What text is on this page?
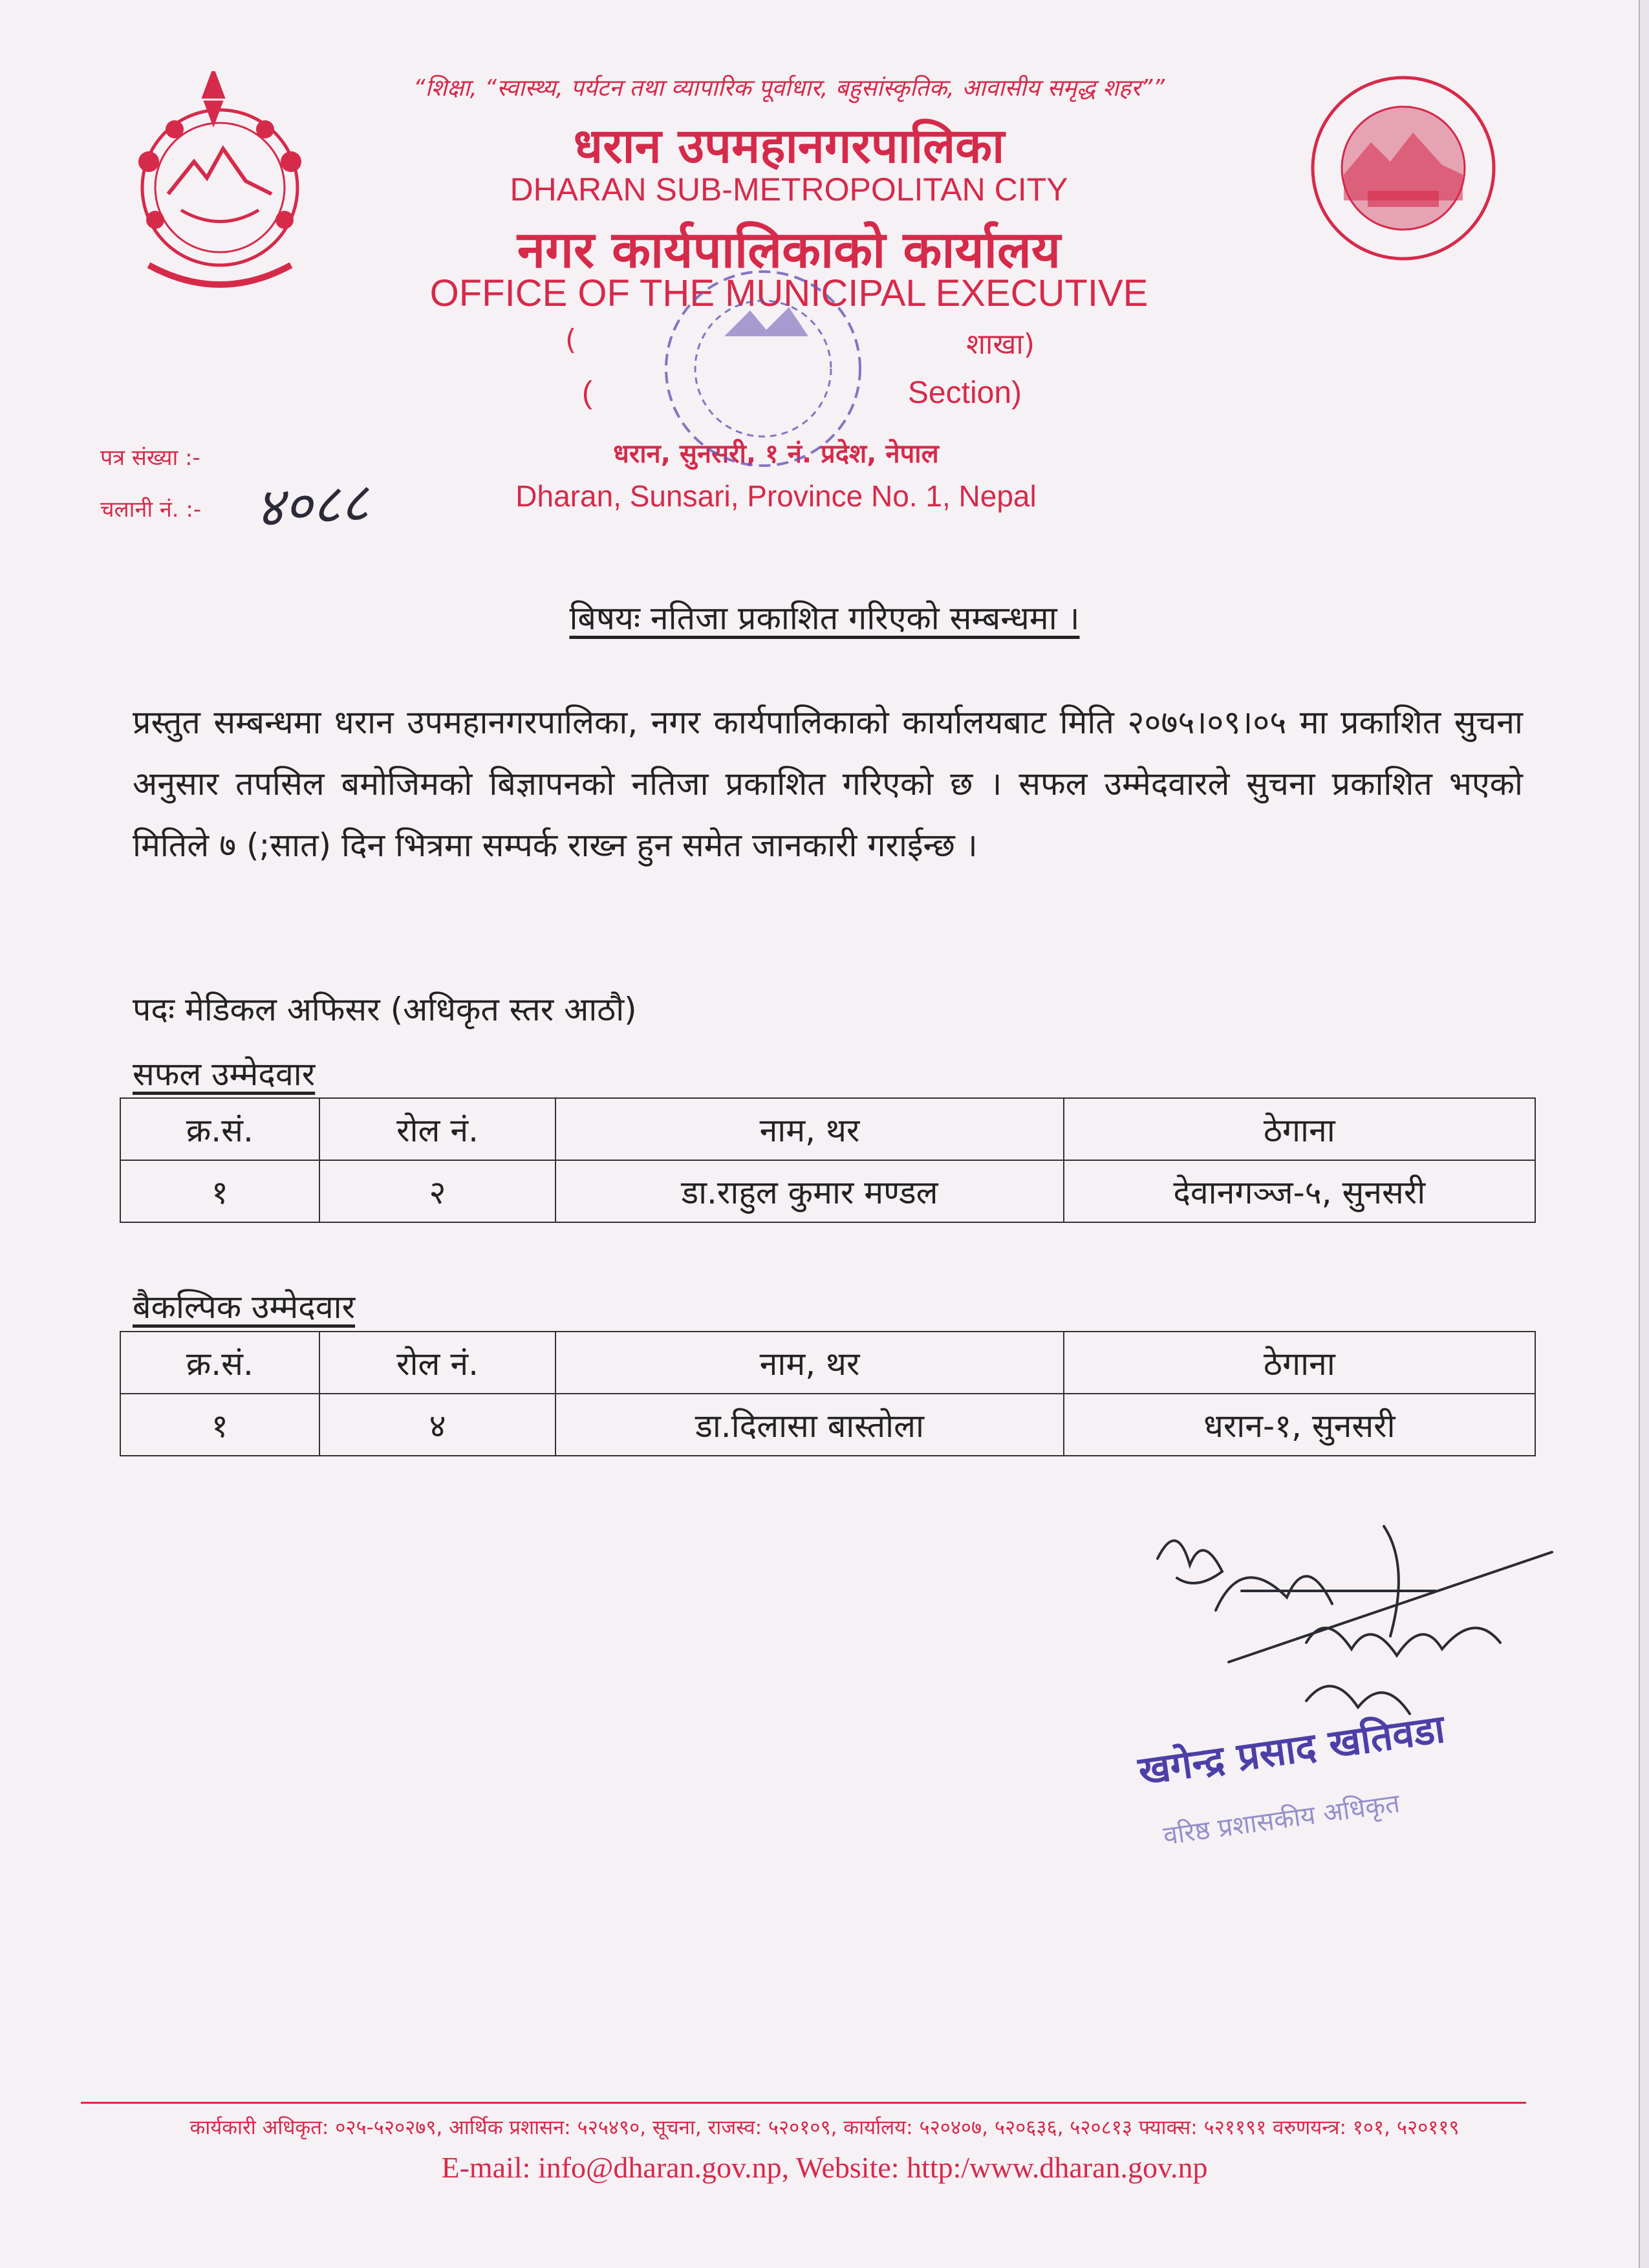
“शिक्षा, “स्वास्थ्य, पर्यटन तथा व्यापारिक पूर्वाधार, बहुसांस्कृतिक, आवासीय समृद्ध शहर””
धरान उपमहानगरपालिका
DHARAN SUB-METROPOLITAN CITY
नगर कार्यपालिकाको कार्यालय
OFFICE OF THE MUNICIPAL EXECUTIVE
(	शाखा)
(	Section)
धरान, सुनसरी, १ नं. प्रदेश, नेपाल
Dharan, Sunsari, Province No. 1, Nepal
पत्र संख्या :-
चलानी नं. :- ४०८८
बिषयः नतिजा प्रकाशित गरिएको सम्बन्धमा ।
प्रस्तुत सम्बन्धमा धरान उपमहानगरपालिका, नगर कार्यपालिकाको कार्यालयबाट मिति २०७५।०९।०५ मा प्रकाशित सुचना अनुसार तपसिल बमोजिमको बिज्ञापनको नतिजा प्रकाशित गरिएको छ । सफल उम्मेदवारले सुचना प्रकाशित भएको मितिले ७ (;सात) दिन भित्रमा सम्पर्क राख्न हुन समेत जानकारी गराईन्छ ।
पदः मेडिकल अफिसर (अधिकृत स्तर आठौ)
सफल उम्मेदवार
क्र.सं.	रोल नं.	नाम, थर	ठेगाना
१	२	डा.राहुल कुमार मण्डल	देवानगञ्ज-५, सुनसरी
बैकल्पिक उम्मेदवार
क्र.सं.	रोल नं.	नाम, थर	ठेगाना
१	४	डा.दिलासा बास्तोला	धरान-१, सुनसरी
खगेन्द्र प्रसाद खतिवडा
वरिष्ठ प्रशासकीय अधिकृत
कार्यकारी अधिकृत: ०२५-५२०२७९, आर्थिक प्रशासन: ५२५४९०, सूचना, राजस्व: ५२०१०९, कार्यालय: ५२०४०७, ५२०६३६, ५२०८१३ फ्याक्स: ५२११९१ वरुणयन्त्र: १०१, ५२०११९
E-mail: info@dharan.gov.np, Website: http:/www.dharan.gov.np
